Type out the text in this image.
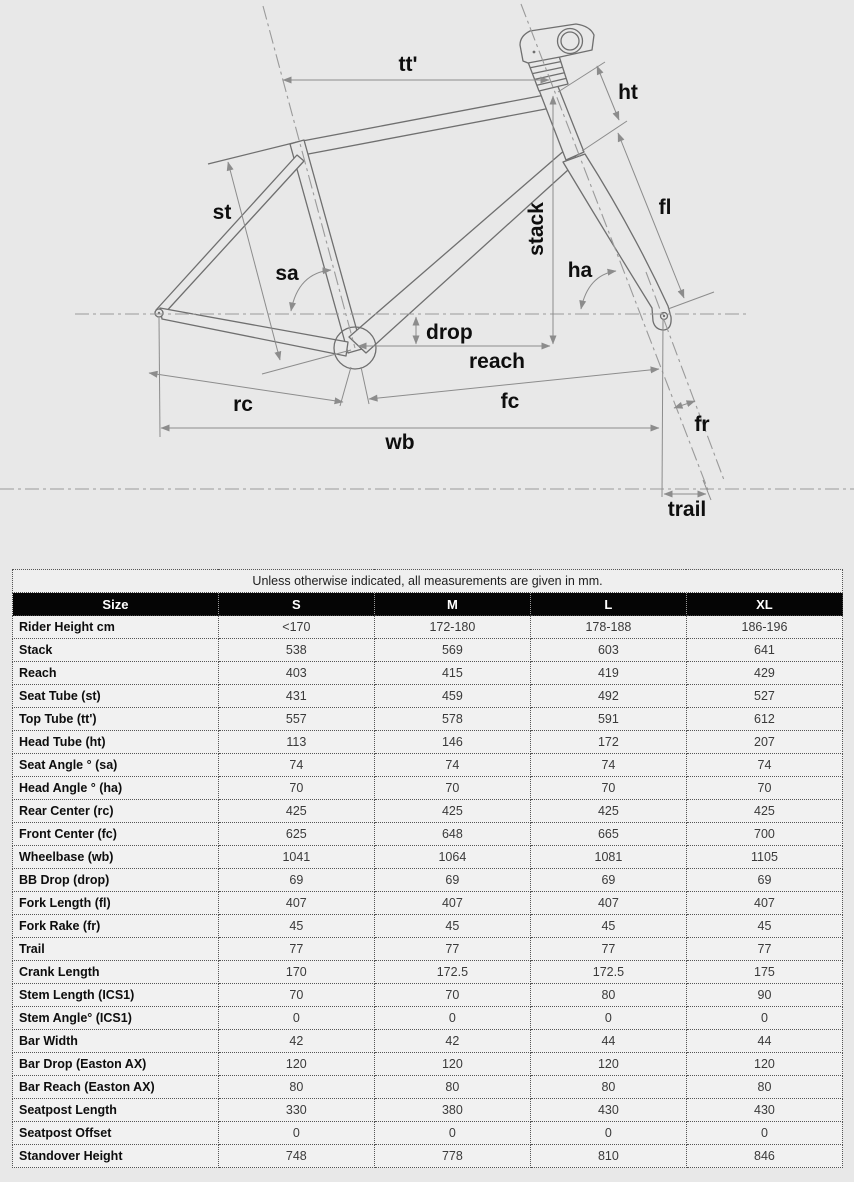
tt'
st
sa
stack
ha
ht
fl
drop
reach
rc	fc
wb
fr
trail
Unless otherwise indicated, all measurements are given in mm.				
Size	S	M	L	XL
Rider Height cm	<170	172-180	178-188	186-196
Stack	538	569	603	641
Reach	403	415	419	429
Seat Tube (st)	431	459	492	527
Top Tube (tt')	557	578	591	612
Head Tube (ht)	113	146	172	207
Seat Angle ° (sa)	74	74	74	74
Head Angle ° (ha)	70	70	70	70
Rear Center (rc)	425	425	425	425
Front Center (fc)	625	648	665	700
Wheelbase (wb)	1041	1064	1081	1105
BB Drop (drop)	69	69	69	69
Fork Length (fl)	407	407	407	407
Fork Rake (fr)	45	45	45	45
Trail	77	77	77	77
Crank Length	170	172.5	172.5	175
Stem Length (ICS1)	70	70	80	90
Stem Angle° (ICS1)	0	0	0	0
Bar Width	42	42	44	44
Bar Drop (Easton AX)	120	120	120	120
Bar Reach (Easton AX)	80	80	80	80
Seatpost Length	330	380	430	430
Seatpost Offset	0	0	0	0
Standover Height	748	778	810	846
